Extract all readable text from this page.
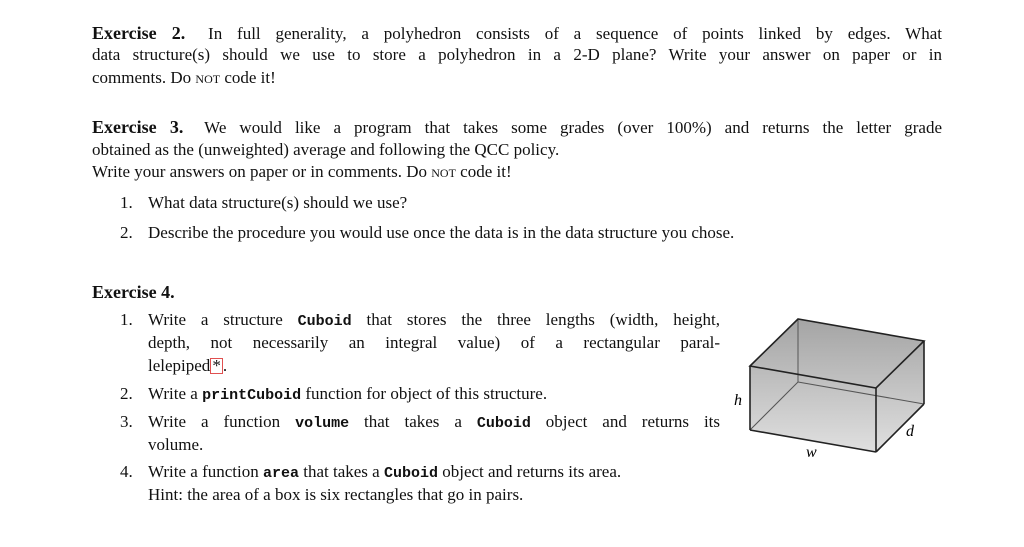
Exercise 2. In full generality, a polyhedron consists of a sequence of points linked by edges. What
data structure(s) should we use to store a polyhedron in a 2-D plane? Write your answer on paper or in
comments. Do not code it!
Exercise 3. We would like a program that takes some grades (over 100%) and returns the letter grade
obtained as the (unweighted) average and following the QCC policy.
Write your answers on paper or in comments. Do not code it!
1. What data structure(s) should we use?
2. Describe the procedure you would use once the data is in the data structure you chose.
Exercise 4.
1. Write a structure Cuboid that stores the three lengths (width, height,
depth, not necessarily an integral value) of a rectangular paral-
lelepiped * .
2. Write a printCuboid function for object of this structure.
3. Write a function volume that takes a Cuboid object and returns its
volume.
4. Write a function area that takes a Cuboid object and returns its area.
Hint: the area of a box is six rectangles that go in pairs.
h
w
d
